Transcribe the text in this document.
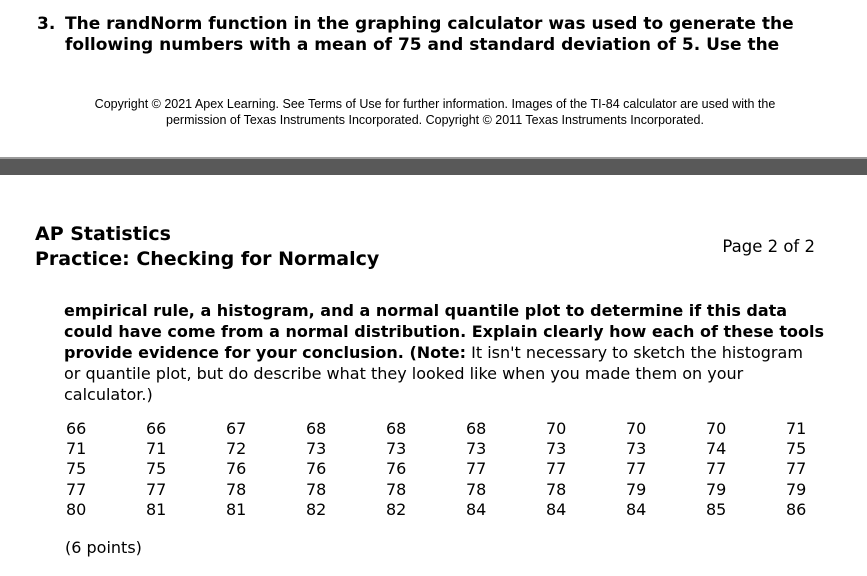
3. The randNorm function in the graphing calculator was used to generate the following numbers with a mean of 75 and standard deviation of 5. Use the
Copyright © 2021 Apex Learning. See Terms of Use for further information. Images of the TI-84 calculator are used with the
permission of Texas Instruments Incorporated. Copyright © 2011 Texas Instruments Incorporated.
AP Statistics
Practice: Checking for Normalcy
Page 2 of 2
empirical rule, a histogram, and a normal quantile plot to determine if this data could have come from a normal distribution. Explain clearly how each of these tools provide evidence for your conclusion. (Note: It isn't necessary to sketch the histogram or quantile plot, but do describe what they looked like when you made them on your calculator.)
66	66	67	68	68	68	70	70	70	71
71	71	72	73	73	73	73	73	74	75
75	75	76	76	76	77	77	77	77	77
77	77	78	78	78	78	78	79	79	79
80	81	81	82	82	84	84	84	85	86
(6 points)
